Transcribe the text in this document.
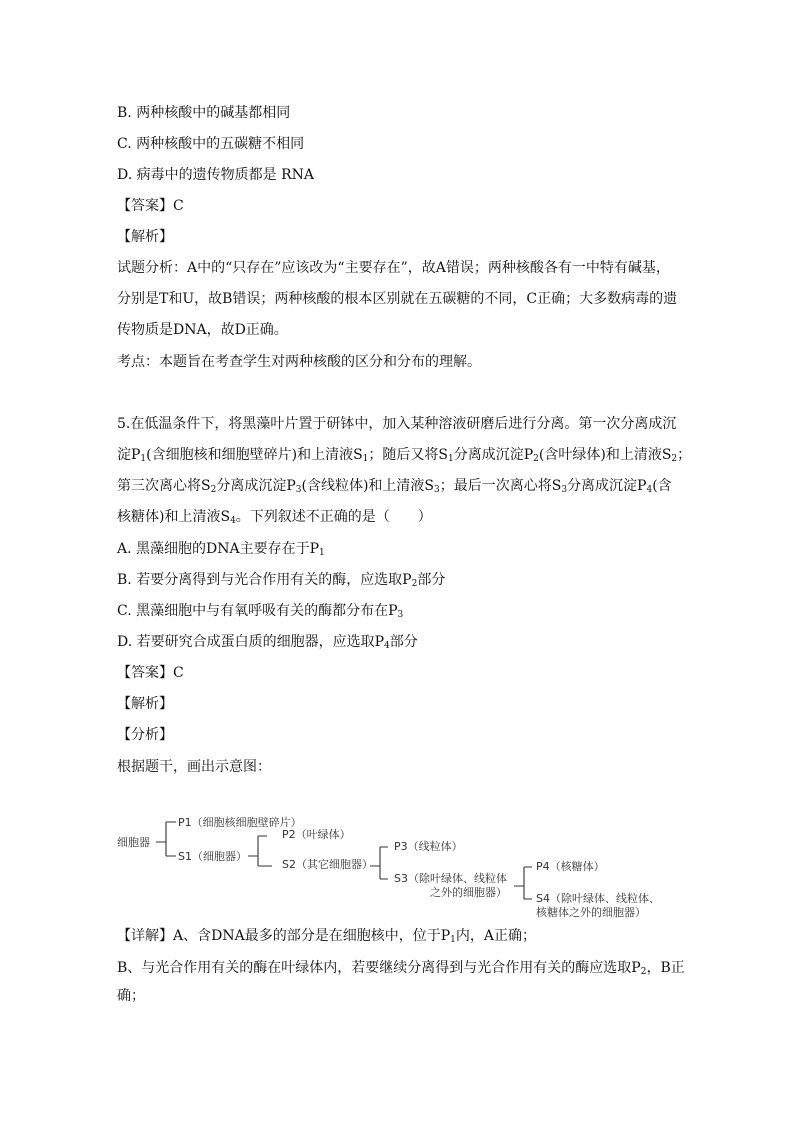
B. 两种核酸中的碱基都相同
C. 两种核酸中的五碳糖不相同
D. 病毒中的遗传物质都是 RNA
【答案】C
【解析】
试题分析：A中的“只存在”应该改为“主要存在”，故A错误；两种核酸各有一中特有碱基，
分别是T和U，故B错误；两种核酸的根本区别就在五碳糖的不同，C正确；大多数病毒的遗
传物质是DNA，故D正确。
考点：本题旨在考查学生对两种核酸的区分和分布的理解。
5.在低温条件下，将黑藻叶片置于研钵中，加入某种溶液研磨后进行分离。第一次分离成沉
淀$P_1$(含细胞核和细胞壁碎片)和上清液$S_1$；随后又将$S_1$分离成沉淀$P_2$(含叶绿体)和上清液$S_2$；
第三次离心将$S_2$分离成沉淀$P_3$(含线粒体)和上清液$S_3$；最后一次离心将$S_3$分离成沉淀$P_4$(含
核糖体)和上清液$S_4$。下列叙述不正确的是（　　）
A. 黑藻细胞的DNA主要存在于$P_1$
B. 若要分离得到与光合作用有关的酶，应选取$P_2$部分
C. 黑藻细胞中与有氧呼吸有关的酶都分布在$P_3$
D. 若要研究合成蛋白质的细胞器，应选取$P_4$部分
【答案】C
【解析】
【分析】
根据题干，画出示意图：
细胞器
P1（细胞核细胞壁碎片）
S1（细胞器）
P2（叶绿体）
S2（其它细胞器）
P3（线粒体）
S3（除叶绿体、线粒体
之外的细胞器）
P4（核糖体）
S4（除叶绿体、线粒体、
核糖体之外的细胞器）
【详解】A、含DNA最多的部分是在细胞核中，位于$P_1$内，A正确；
B、与光合作用有关的酶在叶绿体内，若要继续分离得到与光合作用有关的酶应选取$P_2$，B正
确；
